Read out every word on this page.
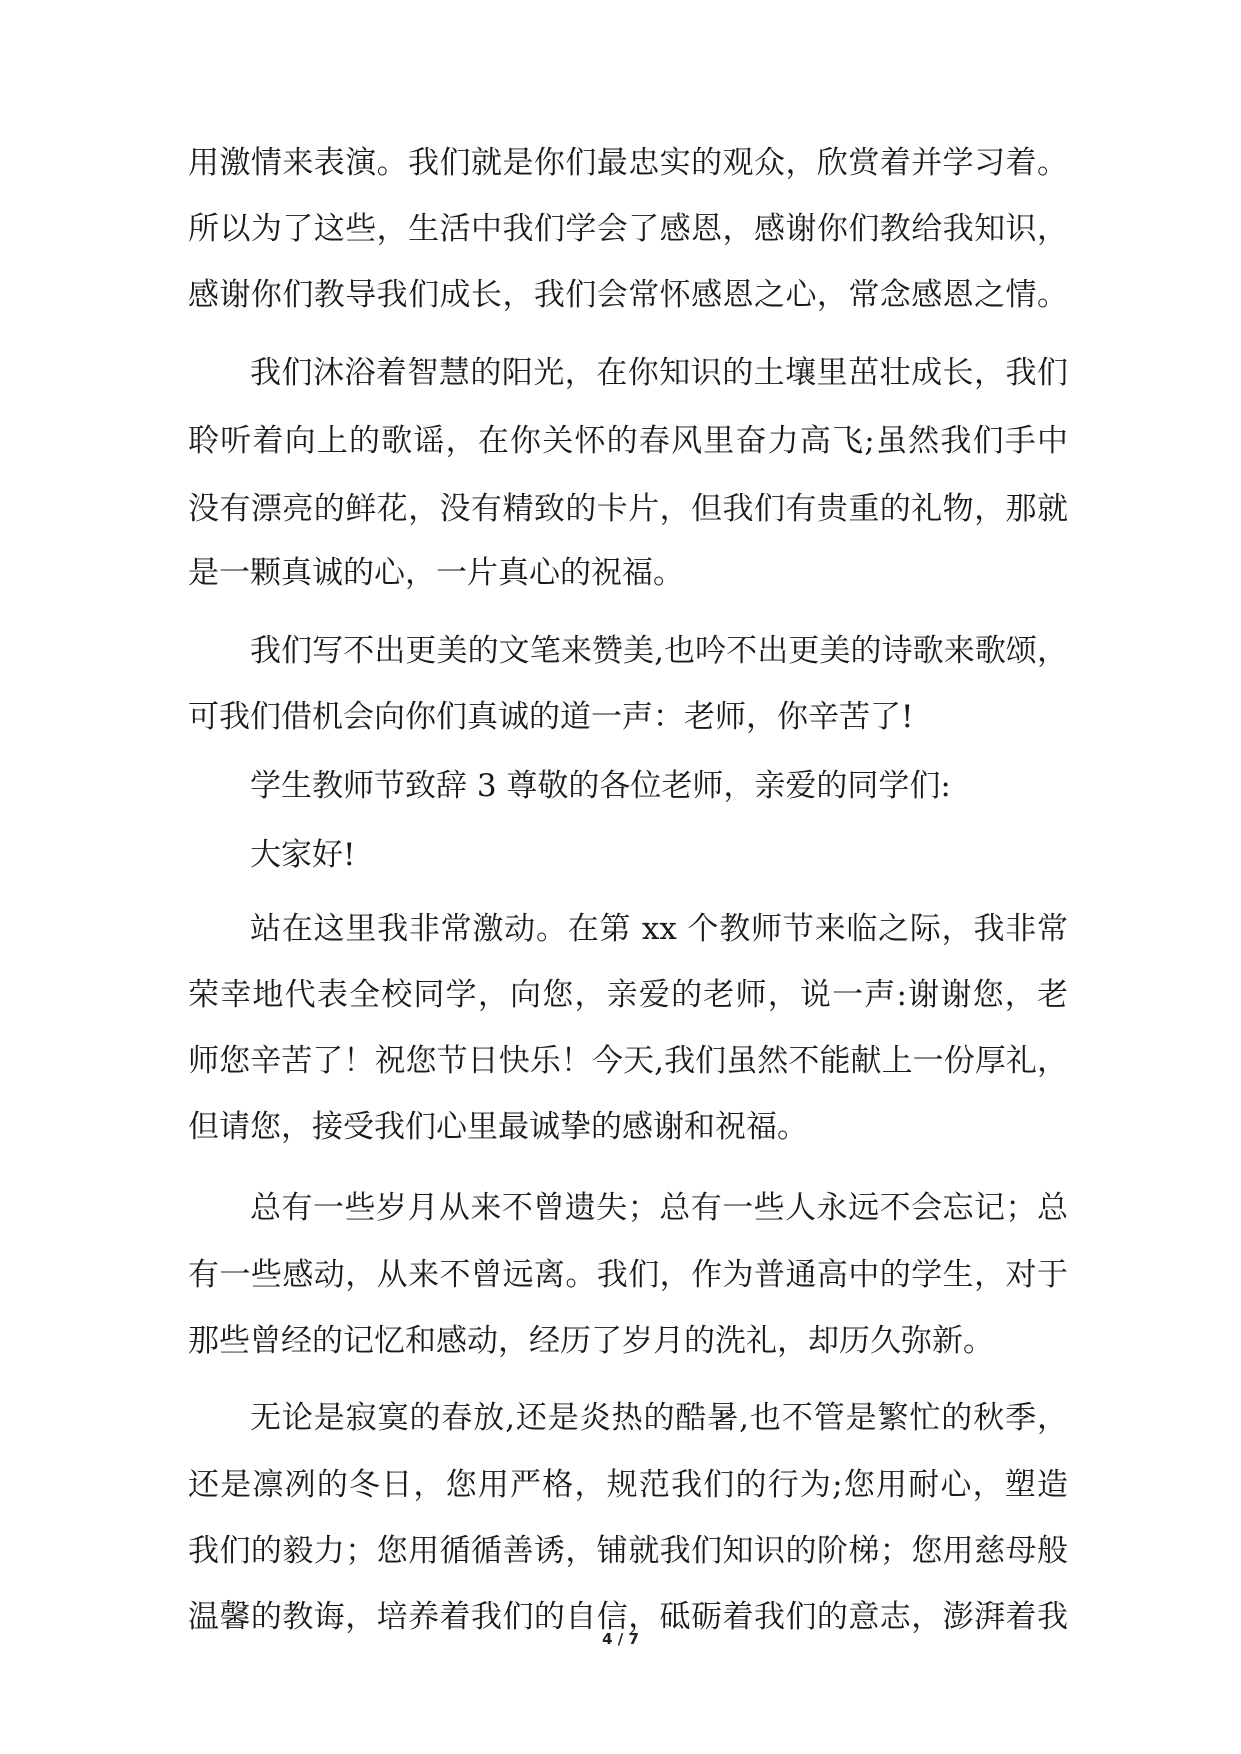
用激情来表演。我们就是你们最忠实的观众，欣赏着并学习着。
所以为了这些，生活中我们学会了感恩，感谢你们教给我知识，
感谢你们教导我们成长，我们会常怀感恩之心，常念感恩之情。
我们沐浴着智慧的阳光，在你知识的土壤里茁壮成长，我们
聆听着向上的歌谣，在你关怀的春风里奋力高飞;虽然我们手中
没有漂亮的鲜花，没有精致的卡片，但我们有贵重的礼物，那就
是一颗真诚的心，一片真心的祝福。
我们写不出更美的文笔来赞美,也吟不出更美的诗歌来歌颂，
可我们借机会向你们真诚的道一声：老师，你辛苦了!
学生教师节致辞 3 尊敬的各位老师，亲爱的同学们:
大家好!
站在这里我非常激动。在第 xx 个教师节来临之际，我非常
荣幸地代表全校同学，向您，亲爱的老师，说一声:谢谢您，老
师您辛苦了！祝您节日快乐！今天,我们虽然不能献上一份厚礼，
但请您，接受我们心里最诚挚的感谢和祝福。
总有一些岁月从来不曾遗失；总有一些人永远不会忘记；总
有一些感动，从来不曾远离。我们，作为普通高中的学生，对于
那些曾经的记忆和感动，经历了岁月的洗礼，却历久弥新。
无论是寂寞的春放,还是炎热的酷暑,也不管是繁忙的秋季，
还是凛冽的冬日，您用严格，规范我们的行为;您用耐心，塑造
我们的毅力；您用循循善诱，铺就我们知识的阶梯；您用慈母般
温馨的教诲，培养着我们的自信，砥砺着我们的意志，澎湃着我
4 / 7
